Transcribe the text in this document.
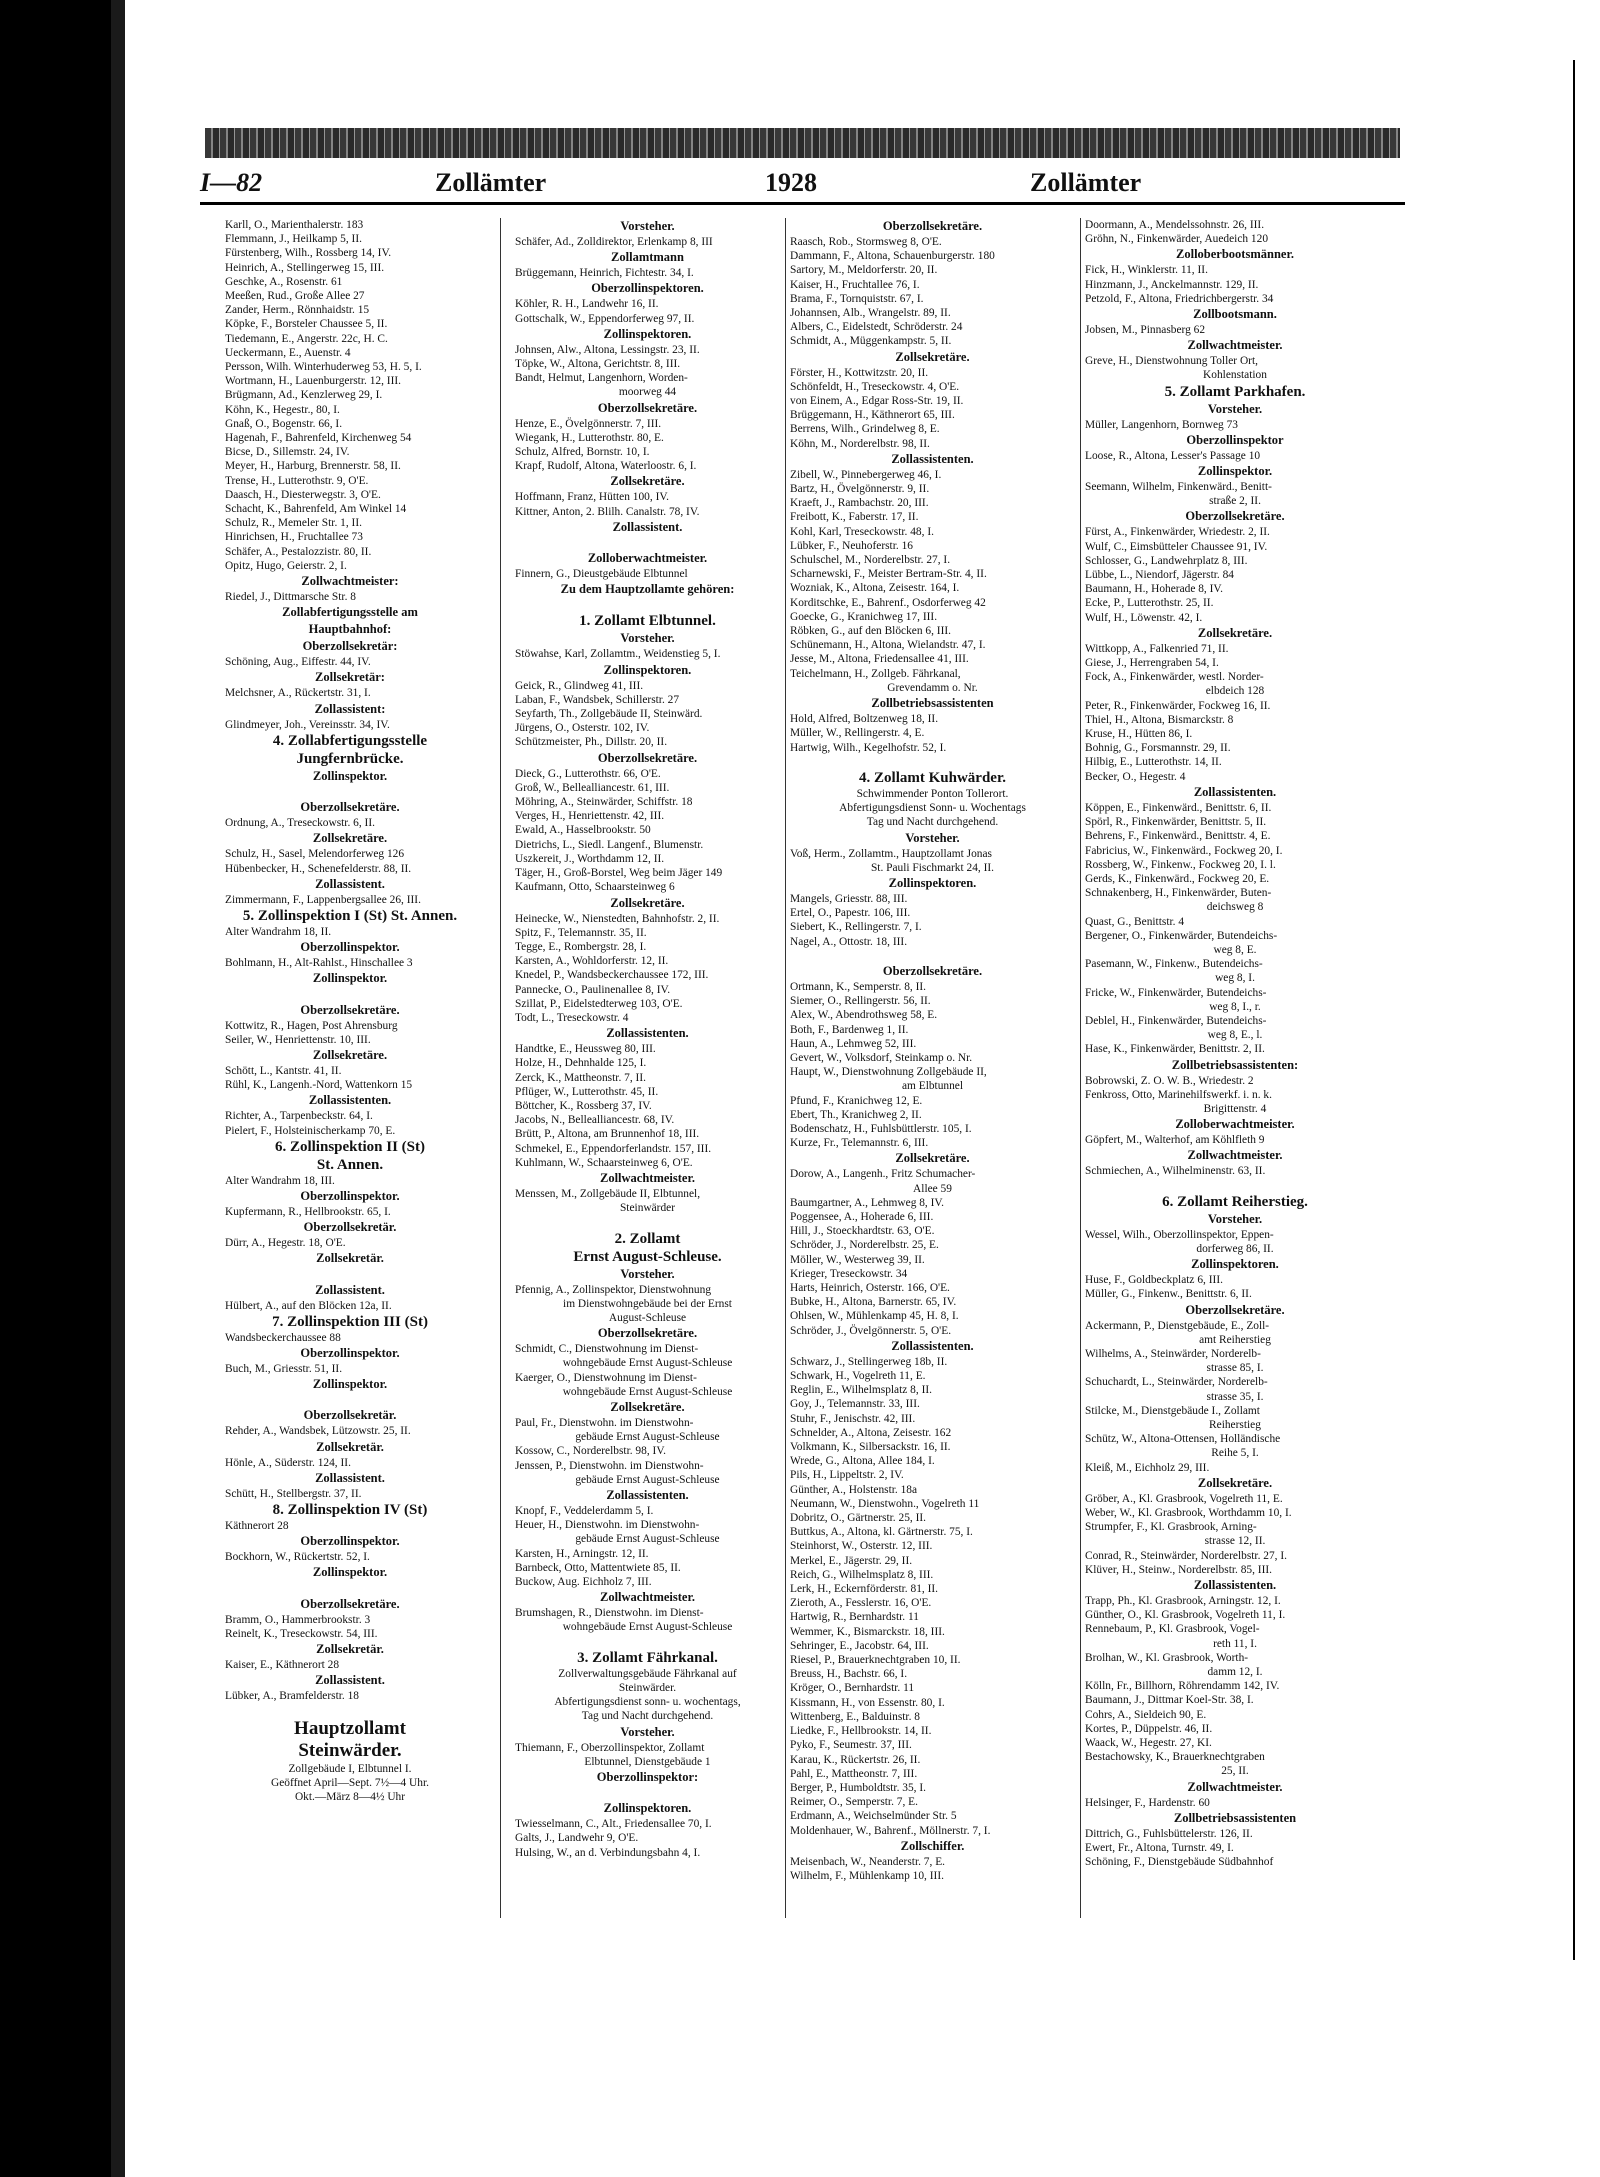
I—82	Zollämter	1928	Zollämter
Karll, O., Marienthalerstr. 183
Flemmann, J., Heilkamp 5, II.
Fürstenberg, Wilh., Rossberg 14, IV.
Heinrich, A., Stellingerweg 15, III.
Geschke, A., Rosenstr. 61
Meeßen, Rud., Große Allee 27
Zander, Herm., Rönnhaidstr. 15
Köpke, F., Borsteler Chaussee 5, II.
Tiedemann, E., Angerstr. 22c, H. C.
Ueckermann, E., Auenstr. 4
Persson, Wilh. Winterhuderweg 53, H. 5, I.
Wortmann, H., Lauenburgerstr. 12, III.
Brügmann, Ad., Kenzlerweg 29, I.
Köhn, K., Hegestr., 80, I.
Gnaß, O., Bogenstr. 66, I.
Hagenah, F., Bahrenfeld, Kirchenweg 54
Bicse, D., Sillemstr. 24, IV.
Meyer, H., Harburg, Brennerstr. 58, II.
Trense, H., Lutterothstr. 9, O'E.
Daasch, H., Diesterwegstr. 3, O'E.
Schacht, K., Bahrenfeld, Am Winkel 14
Schulz, R., Memeler Str. 1, II.
Hinrichsen, H., Fruchtallee 73
Schäfer, A., Pestalozzistr. 80, II.
Opitz, Hugo, Geierstr. 2, I.
Zollwachtmeister:
Riedel, J., Dittmarsche Str. 8
Zollabfertigungsstelle am
Hauptbahnhof:
Oberzollsekretär:
Schöning, Aug., Eiffestr. 44, IV.
Zollsekretär:
Melchsner, A., Rückertstr. 31, I.
Zollassistent:
Glindmeyer, Joh., Vereinsstr. 34, IV.
4. Zollabfertigungsstelle
Jungfernbrücke.
Zollinspektor.

Oberzollsekretäre.
Ordnung, A., Treseckowstr. 6, II.
Zollsekretäre.
Schulz, H., Sasel, Melendorferweg 126
Hübenbecker, H., Schenefelderstr. 88, II.
Zollassistent.
Zimmermann, F., Lappenbergsallee 26, III.
5. Zollinspektion I (St) St. Annen.
Alter Wandrahm 18, II.
Oberzollinspektor.
Bohlmann, H., Alt-Rahlst., Hinschallee 3
Zollinspektor.

Oberzollsekretäre.
Kottwitz, R., Hagen, Post Ahrensburg
Seiler, W., Henriettenstr. 10, III.
Zollsekretäre.
Schött, L., Kantstr. 41, II.
Rühl, K., Langenh.-Nord, Wattenkorn 15
Zollassistenten.
Richter, A., Tarpenbeckstr. 64, I.
Pielert, F., Holsteinischerkamp 70, E.
6. Zollinspektion II (St)
St. Annen.
Alter Wandrahm 18, III.
Oberzollinspektor.
Kupfermann, R., Hellbrookstr. 65, I.
Oberzollsekretär.
Dürr, A., Hegestr. 18, O'E.
Zollsekretär.

Zollassistent.
Hülbert, A., auf den Blöcken 12a, II.
7. Zollinspektion III (St)
Wandsbeckerchaussee 88
Oberzollinspektor.
Buch, M., Griesstr. 51, II.
Zollinspektor.

Oberzollsekretär.
Rehder, A., Wandsbek, Lützowstr. 25, II.
Zollsekretär.
Hönle, A., Süderstr. 124, II.
Zollassistent.
Schütt, H., Stellbergstr. 37, II.
8. Zollinspektion IV (St)
Käthnerort 28
Oberzollinspektor.
Bockhorn, W., Rückertstr. 52, I.
Zollinspektor.

Oberzollsekretäre.
Bramm, O., Hammerbrookstr. 3
Reinelt, K., Treseckowstr. 54, III.
Zollsekretär.
Kaiser, E., Käthnerort 28
Zollassistent.
Lübker, A., Bramfelderstr. 18

Hauptzollamt
Steinwärder.
Zollgebäude I, Elbtunnel I.
Geöffnet April—Sept. 7½—4 Uhr.
Okt.—März 8—4½ Uhr
Vorsteher.
Schäfer, Ad., Zolldirektor, Erlenkamp 8, III
Zollamtmann
Brüggemann, Heinrich, Fichtestr. 34, I.
Oberzollinspektoren.
Köhler, R. H., Landwehr 16, II.
Gottschalk, W., Eppendorferweg 97, II.
Zollinspektoren.
Johnsen, Alw., Altona, Lessingstr. 23, II.
Töpke, W., Altona, Gerichtstr. 8, III.
Bandt, Helmut, Langenhorn, Worden-
moorweg 44
Oberzollsekretäre.
Henze, E., Övelgönnerstr. 7, III.
Wiegank, H., Lutterothstr. 80, E.
Schulz, Alfred, Bornstr. 10, I.
Krapf, Rudolf, Altona, Waterloostr. 6, I.
Zollsekretäre.
Hoffmann, Franz, Hütten 100, IV.
Kittner, Anton, 2. Blilh. Canalstr. 78, IV.
Zollassistent.

Zolloberwachtmeister.
Finnern, G., Dieustgebäude Elbtunnel
Zu dem Hauptzollamte gehören:

1. Zollamt Elbtunnel.
Vorsteher.
Stöwahse, Karl, Zollamtm., Weidenstieg 5, I.
Zollinspektoren.
Geick, R., Glindweg 41, III.
Laban, F., Wandsbek, Schillerstr. 27
Seyfarth, Th., Zollgebäude II, Steinwärd.
Jürgens, O., Osterstr. 102, IV.
Schützmeister, Ph., Dillstr. 20, II.
Oberzollsekretäre.
Dieck, G., Lutterothstr. 66, O'E.
Groß, W., Bellealliancestr. 61, III.
Möhring, A., Steinwärder, Schiffstr. 18
Verges, H., Henriettenstr. 42, III.
Ewald, A., Hasselbrookstr. 50
Dietrichs, L., Siedl. Langenf., Blumenstr.
Uszkereit, J., Worthdamm 12, II.
Täger, H., Groß-Borstel, Weg beim Jäger 149
Kaufmann, Otto, Schaarsteinweg 6
Zollsekretäre.
Heinecke, W., Nienstedten, Bahnhofstr. 2, II.
Spitz, F., Telemannstr. 35, II.
Tegge, E., Rombergstr. 28, I.
Karsten, A., Wohldorferstr. 12, II.
Knedel, P., Wandsbeckerchaussee 172, III.
Pannecke, O., Paulinenallee 8, IV.
Szillat, P., Eidelstedterweg 103, O'E.
Todt, L., Treseckowstr. 4
Zollassistenten.
Handtke, E., Heussweg 80, III.
Holze, H., Dehnhalde 125, I.
Zerck, K., Mattheonstr. 7, II.
Pflüger, W., Lutterothstr. 45, II.
Böttcher, K., Rossberg 37, IV.
Jacobs, N., Bellealliancestr. 68, IV.
Brütt, P., Altona, am Brunnenhof 18, III.
Schmekel, E., Eppendorferlandstr. 157, III.
Kuhlmann, W., Schaarsteinweg 6, O'E.
Zollwachtmeister.
Menssen, M., Zollgebäude II, Elbtunnel,
Steinwärder

2. Zollamt
Ernst August-Schleuse.
Vorsteher.
Pfennig, A., Zollinspektor, Dienstwohnung
im Dienstwohngebäude bei der Ernst
August-Schleuse
Oberzollsekretäre.
Schmidt, C., Dienstwohnung im Dienst-
wohngebäude Ernst August-Schleuse
Kaerger, O., Dienstwohnung im Dienst-
wohngebäude Ernst August-Schleuse
Zollsekretäre.
Paul, Fr., Dienstwohn. im Dienstwohn-
gebäude Ernst August-Schleuse
Kossow, C., Norderelbstr. 98, IV.
Jenssen, P., Dienstwohn. im Dienstwohn-
gebäude Ernst August-Schleuse
Zollassistenten.
Knopf, F., Veddelerdamm 5, I.
Heuer, H., Dienstwohn. im Dienstwohn-
gebäude Ernst August-Schleuse
Karsten, H., Arningstr. 12, II.
Barnbeck, Otto, Mattentwiete 85, II.
Buckow, Aug. Eichholz 7, III.
Zollwachtmeister.
Brumshagen, R., Dienstwohn. im Dienst-
wohngebäude Ernst August-Schleuse

3. Zollamt Fährkanal.
Zollverwaltungsgebäude Fährkanal auf
Steinwärder.
Abfertigungsdienst sonn- u. wochentags,
Tag und Nacht durchgehend.
Vorsteher.
Thiemann, F., Oberzollinspektor, Zollamt
Elbtunnel, Dienstgebäude 1
Oberzollinspektor:

Zollinspektoren.
Twiesselmann, C., Alt., Friedensallee 70, I.
Galts, J., Landwehr 9, O'E.
Hulsing, W., an d. Verbindungsbahn 4, I.
Oberzollsekretäre.
Raasch, Rob., Stormsweg 8, O'E.
Dammann, F., Altona, Schauenburgerstr. 180
Sartory, M., Meldorferstr. 20, II.
Kaiser, H., Fruchtallee 76, I.
Brama, F., Tornquiststr. 67, I.
Johannsen, Alb., Wrangelstr. 89, II.
Albers, C., Eidelstedt, Schröderstr. 24
Schmidt, A., Müggenkampstr. 5, II.
Zollsekretäre.
Förster, H., Kottwitzstr. 20, II.
Schönfeldt, H., Treseckowstr. 4, O'E.
von Einem, A., Edgar Ross-Str. 19, II.
Brüggemann, H., Käthnerort 65, III.
Berrens, Wilh., Grindelweg 8, E.
Köhn, M., Norderelbstr. 98, II.
Zollassistenten.
Zibell, W., Pinnebergerweg 46, I.
Bartz, H., Övelgönnerstr. 9, II.
Kraeft, J., Rambachstr. 20, III.
Freibott, K., Faberstr. 17, II.
Kohl, Karl, Treseckowstr. 48, I.
Lübker, F., Neuhoferstr. 16
Schulschel, M., Norderelbstr. 27, I.
Scharnewski, F., Meister Bertram-Str. 4, II.
Wozniak, K., Altona, Zeisestr. 164, I.
Korditschke, E., Bahrenf., Osdorferweg 42
Goecke, G., Kranichweg 17, III.
Röbken, G., auf den Blöcken 6, III.
Schünemann, H., Altona, Wielandstr. 47, I.
Jesse, M., Altona, Friedensallee 41, III.
Teichelmann, H., Zollgeb. Fährkanal,
Grevendamm o. Nr.
Zollbetriebsassistenten
Hold, Alfred, Boltzenweg 18, II.
Müller, W., Rellingerstr. 4, E.
Hartwig, Wilh., Kegelhofstr. 52, I.

4. Zollamt Kuhwärder.
Schwimmender Ponton Tollerort.
Abfertigungsdienst Sonn- u. Wochentags
Tag und Nacht durchgehend.
Vorsteher.
Voß, Herm., Zollamtm., Hauptzollamt Jonas
St. Pauli Fischmarkt 24, II.
Zollinspektoren.
Mangels, Griesstr. 88, III.
Ertel, O., Papestr. 106, III.
Siebert, K., Rellingerstr. 7, I.
Nagel, A., Ottostr. 18, III.

Oberzollsekretäre.
Ortmann, K., Semperstr. 8, II.
Siemer, O., Rellingerstr. 56, II.
Alex, W., Abendrothsweg 58, E.
Both, F., Bardenweg 1, II.
Haun, A., Lehmweg 52, III.
Gevert, W., Volksdorf, Steinkamp o. Nr.
Haupt, W., Dienstwohnung Zollgebäude II,
am Elbtunnel
Pfund, F., Kranichweg 12, E.
Ebert, Th., Kranichweg 2, II.
Bodenschatz, H., Fuhlsbüttlerstr. 105, I.
Kurze, Fr., Telemannstr. 6, III.
Zollsekretäre.
Dorow, A., Langenh., Fritz Schumacher-
Allee 59
Baumgartner, A., Lehmweg 8, IV.
Poggensee, A., Hoherade 6, III.
Hill, J., Stoeckhardtstr. 63, O'E.
Schröder, J., Norderelbstr. 25, E.
Möller, W., Westerweg 39, II.
Krieger, Treseckowstr. 34
Harts, Heinrich, Osterstr. 166, O'E.
Bubke, H., Altona, Barnerstr. 65, IV.
Ohlsen, W., Mühlenkamp 45, H. 8, I.
Schröder, J., Övelgönnerstr. 5, O'E.
Zollassistenten.
Schwarz, J., Stellingerweg 18b, II.
Schwark, H., Vogelreth 11, E.
Reglin, E., Wilhelmsplatz 8, II.
Goy, J., Telemannstr. 33, III.
Stuhr, F., Jenischstr. 42, III.
Schnelder, A., Altona, Zeisestr. 162
Volkmann, K., Silbersackstr. 16, II.
Wrede, G., Altona, Allee 184, I.
Pils, H., Lippeltstr. 2, IV.
Günther, A., Holstenstr. 18a
Neumann, W., Dienstwohn., Vogelreth 11
Dobritz, O., Gärtnerstr. 25, II.
Buttkus, A., Altona, kl. Gärtnerstr. 75, I.
Steinhorst, W., Osterstr. 12, III.
Merkel, E., Jägerstr. 29, II.
Reich, G., Wilhelmsplatz 8, III.
Lerk, H., Eckernförderstr. 81, II.
Zieroth, A., Fesslerstr. 16, O'E.
Hartwig, R., Bernhardstr. 11
Wemmer, K., Bismarckstr. 18, III.
Sehringer, E., Jacobstr. 64, III.
Riesel, P., Brauerknechtgraben 10, II.
Breuss, H., Bachstr. 66, I.
Kröger, O., Bernhardstr. 11
Kissmann, H., von Essenstr. 80, I.
Wittenberg, E., Balduinstr. 8
Liedke, F., Hellbrookstr. 14, II.
Pyko, F., Seumestr. 37, III.
Karau, K., Rückertstr. 26, II.
Pahl, E., Mattheonstr. 7, III.
Berger, P., Humboldtstr. 35, I.
Reimer, O., Semperstr. 7, E.
Erdmann, A., Weichselmünder Str. 5
Moldenhauer, W., Bahrenf., Möllnerstr. 7, I.
Zollschiffer.
Meisenbach, W., Neanderstr. 7, E.
Wilhelm, F., Mühlenkamp 10, III.
Doormann, A., Mendelssohnstr. 26, III.
Gröhn, N., Finkenwärder, Auedeich 120
Zolloberbootsmänner.
Fick, H., Winklerstr. 11, II.
Hinzmann, J., Anckelmannstr. 129, II.
Petzold, F., Altona, Friedrichbergerstr. 34
Zollbootsmann.
Jobsen, M., Pinnasberg 62
Zollwachtmeister.
Greve, H., Dienstwohnung Toller Ort,
Kohlenstation
5. Zollamt Parkhafen.
Vorsteher.
Müller, Langenhorn, Bornweg 73
Oberzollinspektor
Loose, R., Altona, Lesser's Passage 10
Zollinspektor.
Seemann, Wilhelm, Finkenwärd., Benitt-
straße 2, II.
Oberzollsekretäre.
Fürst, A., Finkenwärder, Wriedestr. 2, II.
Wulf, C., Eimsbütteler Chaussee 91, IV.
Schlosser, G., Landwehrplatz 8, III.
Lübbe, L., Niendorf, Jägerstr. 84
Baumann, H., Hoherade 8, IV.
Ecke, P., Lutterothstr. 25, II.
Wulf, H., Löwenstr. 42, I.
Zollsekretäre.
Wittkopp, A., Falkenried 71, II.
Giese, J., Herrengraben 54, I.
Fock, A., Finkenwärder, westl. Norder-
elbdeich 128
Peter, R., Finkenwärder, Fockweg 16, II.
Thiel, H., Altona, Bismarckstr. 8
Kruse, H., Hütten 86, I.
Bohnig, G., Forsmannstr. 29, II.
Hilbig, E., Lutterothstr. 14, II.
Becker, O., Hegestr. 4
Zollassistenten.
Köppen, E., Finkenwärd., Benittstr. 6, II.
Spörl, R., Finkenwärder, Benittstr. 5, II.
Behrens, F., Finkenwärd., Benittstr. 4, E.
Fabricius, W., Finkenwärd., Fockweg 20, I.
Rossberg, W., Finkenw., Fockweg 20, I. l.
Gerds, K., Finkenwärd., Fockweg 20, E.
Schnakenberg, H., Finkenwärder, Buten-
deichsweg 8
Quast, G., Benittstr. 4
Bergener, O., Finkenwärder, Butendeichs-
weg 8, E.
Pasemann, W., Finkenw., Butendeichs-
weg 8, I.
Fricke, W., Finkenwärder, Butendeichs-
weg 8, I., r.
Deblel, H., Finkenwärder, Butendeichs-
weg 8, E., l.
Hase, K., Finkenwärder, Benittstr. 2, II.
Zollbetriebsassistenten:
Bobrowski, Z. O. W. B., Wriedestr. 2
Fenkross, Otto, Marinehilfswerkf. i. n. k.
Brigittenstr. 4
Zolloberwachtmeister.
Göpfert, M., Walterhof, am Köhlfleth 9
Zollwachtmeister.
Schmiechen, A., Wilhelminenstr. 63, II.

6. Zollamt Reiherstieg.
Vorsteher.
Wessel, Wilh., Oberzollinspektor, Eppen-
dorferweg 86, II.
Zollinspektoren.
Huse, F., Goldbeckplatz 6, III.
Müller, G., Finkenw., Benittstr. 6, II.
Oberzollsekretäre.
Ackermann, P., Dienstgebäude, E., Zoll-
amt Reiherstieg
Wilhelms, A., Steinwärder, Norderelb-
strasse 85, I.
Schuchardt, L., Steinwärder, Norderelb-
strasse 35, I.
Stilcke, M., Dienstgebäude I., Zollamt
Reiherstieg
Schütz, W., Altona-Ottensen, Holländische
Reihe 5, I.
Kleiß, M., Eichholz 29, III.
Zollsekretäre.
Gröber, A., Kl. Grasbrook, Vogelreth 11, E.
Weber, W., Kl. Grasbrook, Worthdamm 10, I.
Strumpfer, F., Kl. Grasbrook, Arning-
strasse 12, II.
Conrad, R., Steinwärder, Norderelbstr. 27, I.
Klüver, H., Steinw., Norderelbstr. 85, III.
Zollassistenten.
Trapp, Ph., Kl. Grasbrook, Arningstr. 12, I.
Günther, O., Kl. Grasbrook, Vogelreth 11, I.
Rennebaum, P., Kl. Grasbrook, Vogel-
reth 11, I.
Brolhan, W., Kl. Grasbrook, Worth-
damm 12, I.
Kölln, Fr., Billhorn, Röhrendamm 142, IV.
Baumann, J., Dittmar Koel-Str. 38, I.
Cohrs, A., Sieldeich 90, E.
Kortes, P., Düppelstr. 46, II.
Waack, W., Hegestr. 27, KI.
Bestachowsky, K., Brauerknechtgraben
25, II.
Zollwachtmeister.
Helsinger, F., Hardenstr. 60
Zollbetriebsassistenten
Dittrich, G., Fuhlsbüttelerstr. 126, II.
Ewert, Fr., Altona, Turnstr. 49, I.
Schöning, F., Dienstgebäude Südbahnhof
